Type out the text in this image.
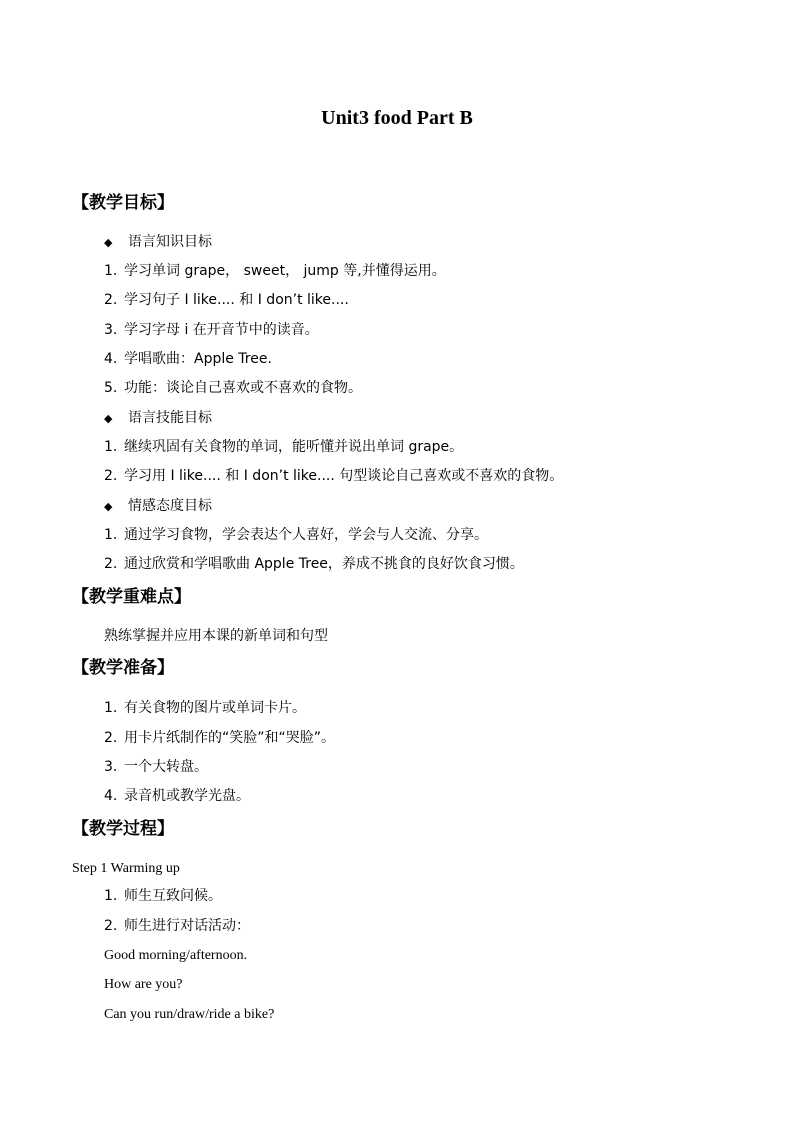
Unit3 food Part B
【教学目标】

◆ 语言知识目标

1. 学习单词 grape， sweet， jump 等,并懂得运用。

2. 学习句子 I like.... 和 I don’t like....

3. 学习字母 i 在开音节中的读音。

4. 学唱歌曲：Apple Tree.

5. 功能：谈论自己喜欢或不喜欢的食物。

◆ 语言技能目标

1. 继续巩固有关食物的单词，能听懂并说出单词 grape。

2. 学习用 I like.... 和 I don’t like.... 句型谈论自己喜欢或不喜欢的食物。

◆ 情感态度目标

1. 通过学习食物，学会表达个人喜好，学会与人交流、分享。

2. 通过欣赏和学唱歌曲 Apple Tree，养成不挑食的良好饮食习惯。

【教学重难点】

熟练掌握并应用本课的新单词和句型

【教学准备】

1. 有关食物的图片或单词卡片。

2. 用卡片纸制作的“笑脸”和“哭脸”。

3. 一个大转盘。

4. 录音机或教学光盘。

【教学过程】

Step 1 Warming up

1. 师生互致问候。

2. 师生进行对话活动：

Good morning/afternoon.

How are you?

Can you run/draw/ride a bike?
